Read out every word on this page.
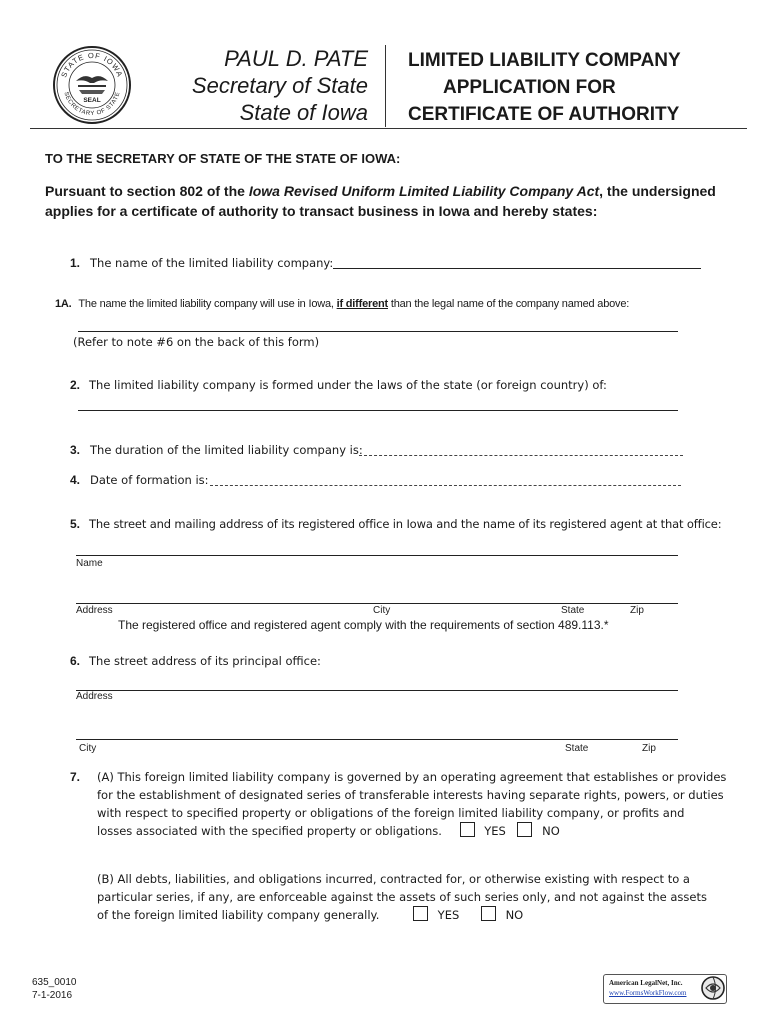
STATE OF IOWA
SECRETARY OF STATE
SEAL
PAUL D. PATE
Secretary of State
State of Iowa
LIMITED LIABILITY COMPANY
APPLICATION FOR
CERTIFICATE OF AUTHORITY
TO THE SECRETARY OF STATE OF THE STATE OF IOWA:
Pursuant to section 802 of the Iowa Revised Uniform Limited Liability Company Act, the undersigned
applies for a certificate of authority to transact business in Iowa and hereby states:
1. The name of the limited liability company:
1A. The name the limited liability company will use in Iowa, if different than the legal name of the company named above:
(Refer to note #6 on the back of this form)
2. The limited liability company is formed under the laws of the state (or foreign country) of:
3. The duration of the limited liability company is:
4. Date of formation is:
5. The street and mailing address of its registered office in Iowa and the name of its registered agent at that office:
Name
Address	City	State	Zip
The registered office and registered agent comply with the requirements of section 489.113.*
6. The street address of its principal office:
Address
City	State	Zip
7. (A) This foreign limited liability company is governed by an operating agreement that establishes or provides
for the establishment of designated series of transferable interests having separate rights, powers, or duties
with respect to specified property or obligations of the foreign limited liability company, or profits and
losses associated with the specified property or obligations.	YES	NO
(B) All debts, liabilities, and obligations incurred, contracted for, or otherwise existing with respect to a
particular series, if any, are enforceable against the assets of such series only, and not against the assets
of the foreign limited liability company generally.	YES	NO
635_0010
7-1-2016
American LegalNet, Inc.
www.FormsWorkFlow.com
